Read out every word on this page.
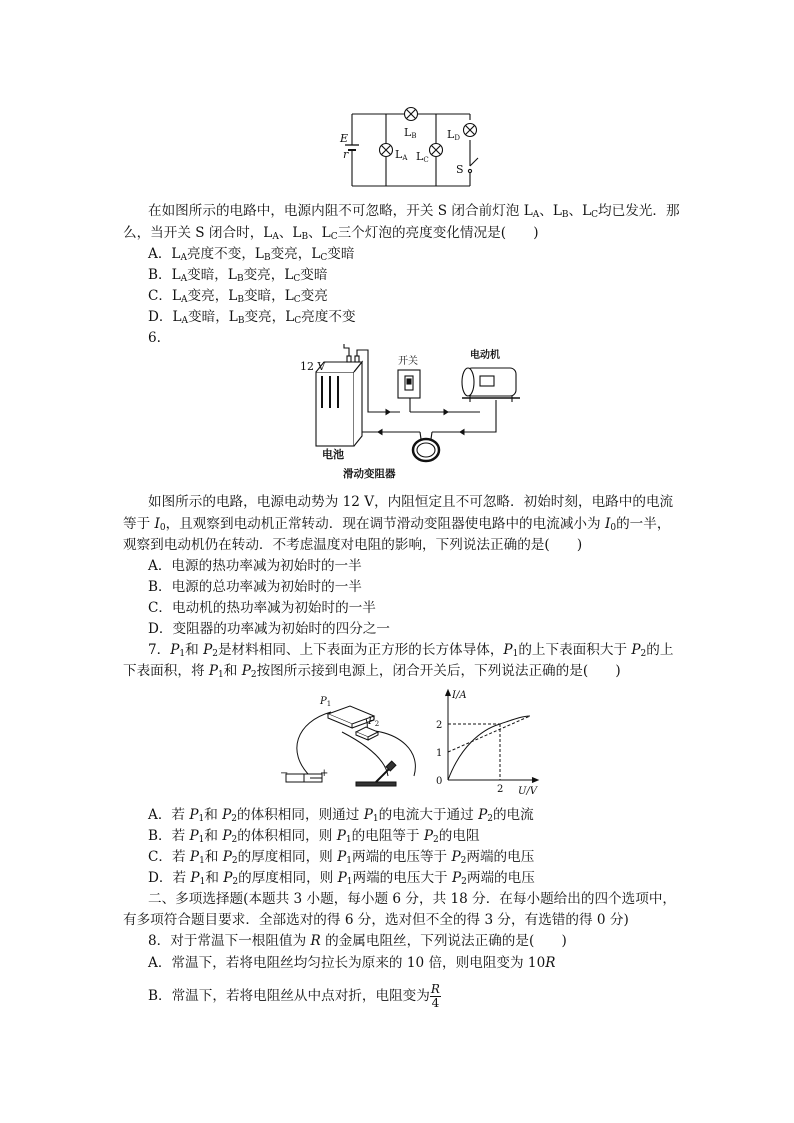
E
r
LB
LA LC
LD
S
在如图所示的电路中，电源内阻不可忽略，开关 S 闭合前灯泡 $L_A$、$L_B$、$L_C$均已发光．那
么，当开关 S 闭合时，$L_A$、$L_B$、$L_C$三个灯泡的亮度变化情况是(　　)
A．$L_A$亮度不变，$L_B$变亮，$L_C$变暗
B．$L_A$变暗，$L_B$变亮，$L_C$变暗
C．$L_A$变亮，$L_B$变暗，$L_C$变亮
D．$L_A$变暗，$L_B$变亮，$L_C$亮度不变
6.
12 V	开关
电动机
电池
滑动变阻器
如图所示的电路，电源电动势为 12 V，内阻恒定且不可忽略．初始时刻，电路中的电流
等于 $I_0$，且观察到电动机正常转动．现在调节滑动变阻器使电路中的电流减小为 $I_0$的一半，
观察到电动机仍在转动．不考虑温度对电阻的影响，下列说法正确的是(　　)
A．电源的热功率减为初始时的一半
B．电源的总功率减为初始时的一半
C．电动机的热功率减为初始时的一半
D．变阻器的功率减为初始时的四分之一
7．$P_1$和 $P_2$是材料相同、上下表面为正方形的长方体导体，$P_1$的上下表面积大于 $P_2$的上
下表面积，将 $P_1$和 $P_2$按图所示接到电源上，闭合开关后，下列说法正确的是(　　)
$P_1$
$P_2$
−	+
I/A
2
1
0
2 U/V
A．若 $P_1$和 $P_2$的体积相同，则通过 $P_1$的电流大于通过 $P_2$的电流
B．若 $P_1$和 $P_2$的体积相同，则 $P_1$的电阻等于 $P_2$的电阻
C．若 $P_1$和 $P_2$的厚度相同，则 $P_1$两端的电压等于 $P_2$两端的电压
D．若 $P_1$和 $P_2$的厚度相同，则 $P_1$两端的电压大于 $P_2$两端的电压
二、多项选择题(本题共 3 小题，每小题 6 分，共 18 分．在每小题给出的四个选项中，
有多项符合题目要求．全部选对的得 6 分，选对但不全的得 3 分，有选错的得 0 分)
8．对于常温下一根阻值为 R 的金属电阻丝，下列说法正确的是(　　)
A．常温下，若将电阻丝均匀拉长为原来的 10 倍，则电阻变为 10R
B．常温下，若将电阻丝从中点对折，电阻变为 $\frac{R}{4}$
